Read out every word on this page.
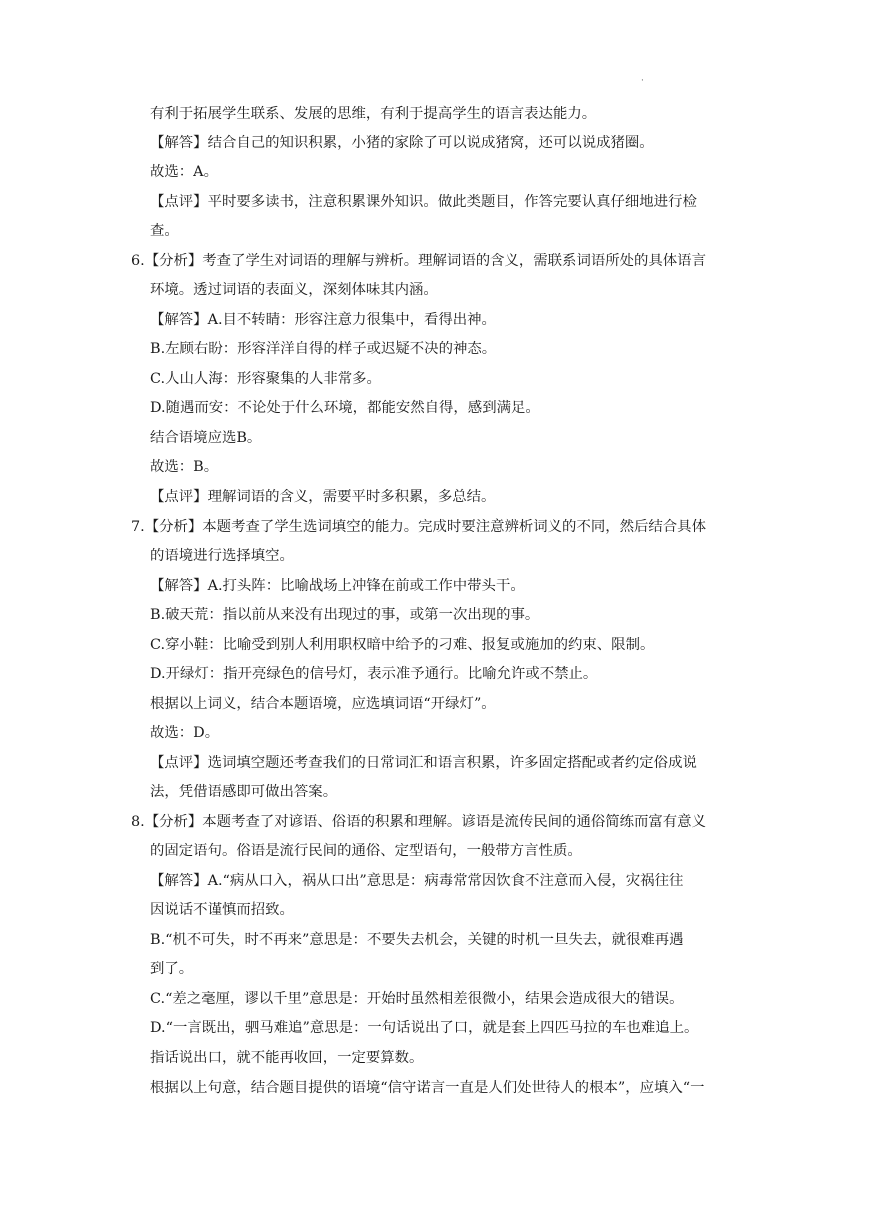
·
有利于拓展学生联系、发展的思维，有利于提高学生的语言表达能力。
【解答】结合自己的知识积累，小猪的家除了可以说成猪窝，还可以说成猪圈。
故选：A。
【点评】平时要多读书，注意积累课外知识。做此类题目，作答完要认真仔细地进行检
查。
6.【分析】考查了学生对词语的理解与辨析。理解词语的含义，需联系词语所处的具体语言
环境。透过词语的表面义，深刻体味其内涵。
【解答】A.目不转睛：形容注意力很集中，看得出神。
B.左顾右盼：形容洋洋自得的样子或迟疑不决的神态。
C.人山人海：形容聚集的人非常多。
D.随遇而安：不论处于什么环境，都能安然自得，感到满足。
结合语境应选B。
故选：B。
【点评】理解词语的含义，需要平时多积累，多总结。
7.【分析】本题考查了学生选词填空的能力。完成时要注意辨析词义的不同，然后结合具体
的语境进行选择填空。
【解答】A.打头阵：比喻战场上冲锋在前或工作中带头干。
B.破天荒：指以前从来没有出现过的事，或第一次出现的事。
C.穿小鞋：比喻受到别人利用职权暗中给予的刁难、报复或施加的约束、限制。
D.开绿灯：指开亮绿色的信号灯，表示准予通行。比喻允许或不禁止。
根据以上词义，结合本题语境，应选填词语“开绿灯”。
故选：D。
【点评】选词填空题还考查我们的日常词汇和语言积累，许多固定搭配或者约定俗成说
法，凭借语感即可做出答案。
8.【分析】本题考查了对谚语、俗语的积累和理解。谚语是流传民间的通俗简练而富有意义
的固定语句。俗语是流行民间的通俗、定型语句，一般带方言性质。
【解答】A.“病从口入，祸从口出”意思是：病毒常常因饮食不注意而入侵，灾祸往往
因说话不谨慎而招致。
B.“机不可失，时不再来”意思是：不要失去机会，关键的时机一旦失去，就很难再遇
到了。
C.“差之毫厘，谬以千里”意思是：开始时虽然相差很微小，结果会造成很大的错误。
D.“一言既出，驷马难追”意思是：一句话说出了口，就是套上四匹马拉的车也难追上。
指话说出口，就不能再收回，一定要算数。
根据以上句意，结合题目提供的语境“信守诺言一直是人们处世待人的根本”，应填入“一
